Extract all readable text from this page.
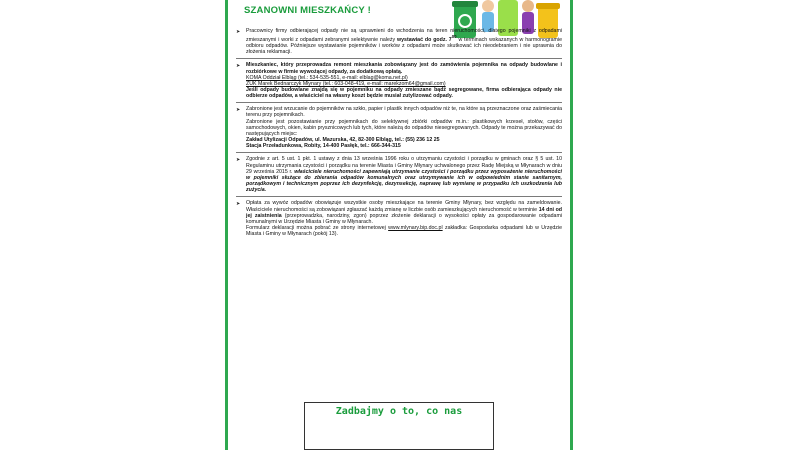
SZANOWNI MIESZKAŃCY !
➤	Pracownicy firmy odbierającej odpady nie są uprawnieni do wchodzenia na teren nieruchomości, dlatego pojemniki z odpadami zmieszanymi i worki z odpadami zebranymi selektywnie należy wystawiać do godz. $7^{00}$ w terminach wskazanych w harmonogramie odbioru odpadów. Późniejsze wystawianie pojemników i worków z odpadami może skutkować ich nieodebraniem i nie uprawnia do złożenia reklamacji.

➤	Mieszkaniec, który przeprowadza remont mieszkania zobowiązany jest do zamówienia pojemnika na odpady budowlane i rozbiórkowe w firmie wywożącej odpady, za dodatkową opłatą.

KOMA Oddział Elbląg (tel.: 534-535-551, e-mail: elblag@koma.net.pl)

ZUK Marek Bednarczyk Młynary (tel.: 603-048-419, e-mail: marekzom64@gmail.com)

Jeśli odpady budowlane znajdą się w pojemniku na odpady zmieszane bądź segregowane, firma odbierająca odpady nie odbierze odpadów, a właściciel na własny koszt będzie musiał zutylizować odpady.

➤	Zabronione jest wrzucanie do pojemników na szkło, papier i plastik innych odpadów niż te, na które są przeznaczone oraz zaśmiecania terenu przy pojemnikach.

Zabronione jest pozostawianie przy pojemnikach do selektywnej zbiórki odpadów m.in.: plastikowych krzeseł, stołów, części samochodowych, okien, kabin prysznicowych lub tych, które należą do odpadów niesegregowanych. Odpady te można przekazywać do następujących miejsc:

Zakład Utylizacji Odpadów, ul. Mazurska, 42, 82-300 Elbląg, tel.: (55) 236 12 25

Stacja Przeładunkowa, Robity, 14-400 Pasłęk, tel.: 666-344-315

➤	Zgodnie z art. 5 ust. 1 pkt. 1 ustawy z dnia 13 września 1996 roku o utrzymaniu czystości i porządku w gminach oraz § 5 ust. 10 Regulaminu utrzymania czystości i porządku na terenie Miasta i Gminy Młynary uchwalonego przez Radę Miejską w Młynarach w dniu 29 września 2015 r. właściciele nieruchomości zapewniają utrzymanie czystości i porządku przez wyposażenie nieruchomości w pojemniki służące do zbierania odpadów komunalnych oraz utrzymywanie ich w odpowiednim stanie sanitarnym, porządkowym i technicznym poprzez ich dezynfekcję, dezynsekcję, naprawę lub wymianę w przypadku ich uszkodzenia lub zużycia.

➤	Opłata za wywóz odpadów obowiązuje wszystkie osoby mieszkające na terenie Gminy Młynary, bez względu na zameldowanie. Właściciele nieruchomości są zobowiązani zgłaszać każdą zmianę w liczbie osób zamieszkujących nieruchomość w terminie 14 dni od jej zaistnienia (przeprowadzka, narodziny, zgon) poprzez złożenie deklaracji o wysokości opłaty za gospodarowanie odpadami komunalnymi w Urzędzie Miasta i Gminy w Młynarach.

Formularz deklaracji można pobrać ze strony internetowej www.mlynary.bip.doc.pl zakładka: Gospodarka odpadami lub w Urzędzie Miasta i Gminy w Młynarach (pokój 13).

Zadbajmy o to, co nas
